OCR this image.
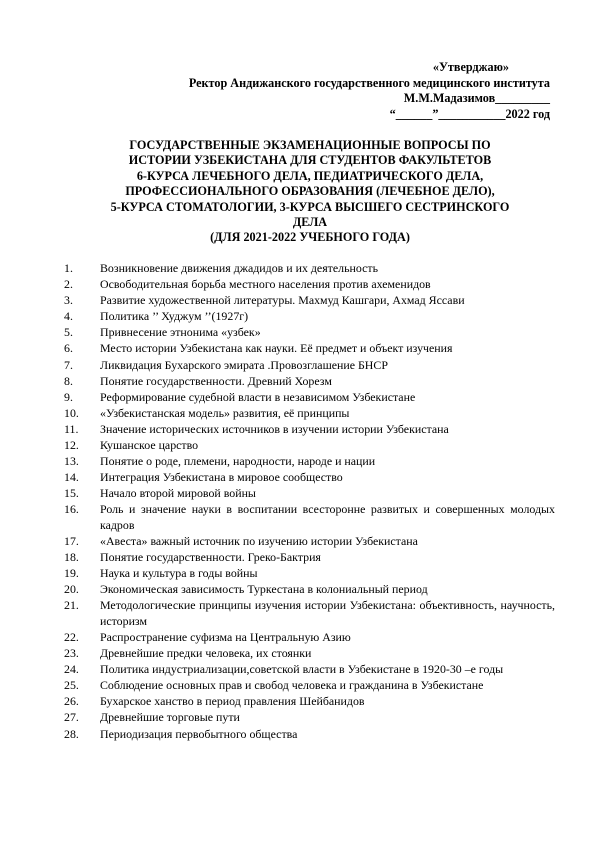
«Утверджаю»
Ректор Андижанского государственного медицинского института
М.М.Мадазимов_________
“______”___________2022 год
ГОСУДАРСТВЕННЫЕ ЭКЗАМЕНАЦИОННЫЕ ВОПРОСЫ ПО
ИСТОРИИ УЗБЕКИСТАНА ДЛЯ СТУДЕНТОВ ФАКУЛЬТЕТОВ
6-КУРСА ЛЕЧЕБНОГО ДЕЛА, ПЕДИАТРИЧЕСКОГО ДЕЛА,
ПРОФЕССИОНАЛЬНОГО ОБРАЗОВАНИЯ (ЛЕЧЕБНОЕ ДЕЛО),
5-КУРСА СТОМАТОЛОГИИ, 3-КУРСА ВЫСШЕГО СЕСТРИНСКОГО
ДЕЛА
(ДЛЯ 2021-2022 УЧЕБНОГО ГОДА)
1.	Возникновение движения джадидов и их деятельность
2.	Освободительная борьба местного населения против ахеменидов
3.	Развитие художественной литературы. Махмуд Кашгари, Ахмад Яссави
4.	Политика ’’ Худжум ’’(1927г)
5.	Привнесение этнонима «узбек»
6.	Место истории Узбекистана как науки. Её предмет и объект изучения
7.	Ликвидация Бухарского эмирата .Провозглашение БНСР
8.	Понятие государственности. Древний Хорезм
9.	Реформирование судебной власти в независимом Узбекистане
10.	«Узбекистанская модель» развития, её принципы
11.	Значение исторических источников в изучении истории Узбекистана
12.	Кушанское царство
13.	Понятие о роде, племени, народности, народе и нации
14.	Интеграция Узбекистана в мировое сообщество
15.	Начало второй мировой войны
16.	Роль и значение науки в воспитании всесторонне развитых и совершенных молодых кадров
17.	«Авеста» важный источник по изучению истории Узбекистана
18.	Понятие государственности. Греко-Бактрия
19.	Наука и культура в годы войны
20.	Экономическая зависимость Туркестана в колониальный период
21.	Методологические принципы изучения истории Узбекистана: объективность, научность, историзм
22.	Распространение суфизма на Центральную Азию
23.	Древнейшие предки человека, их стоянки
24.	Политика индустриализации,советской власти в Узбекистане в 1920-30 –е годы
25.	Соблюдение основных прав и свобод человека и гражданина в Узбекистане
26.	Бухарское ханство в период правления Шейбанидов
27.	Древнейшие торговые пути
28.	Периодизация первобытного общества
